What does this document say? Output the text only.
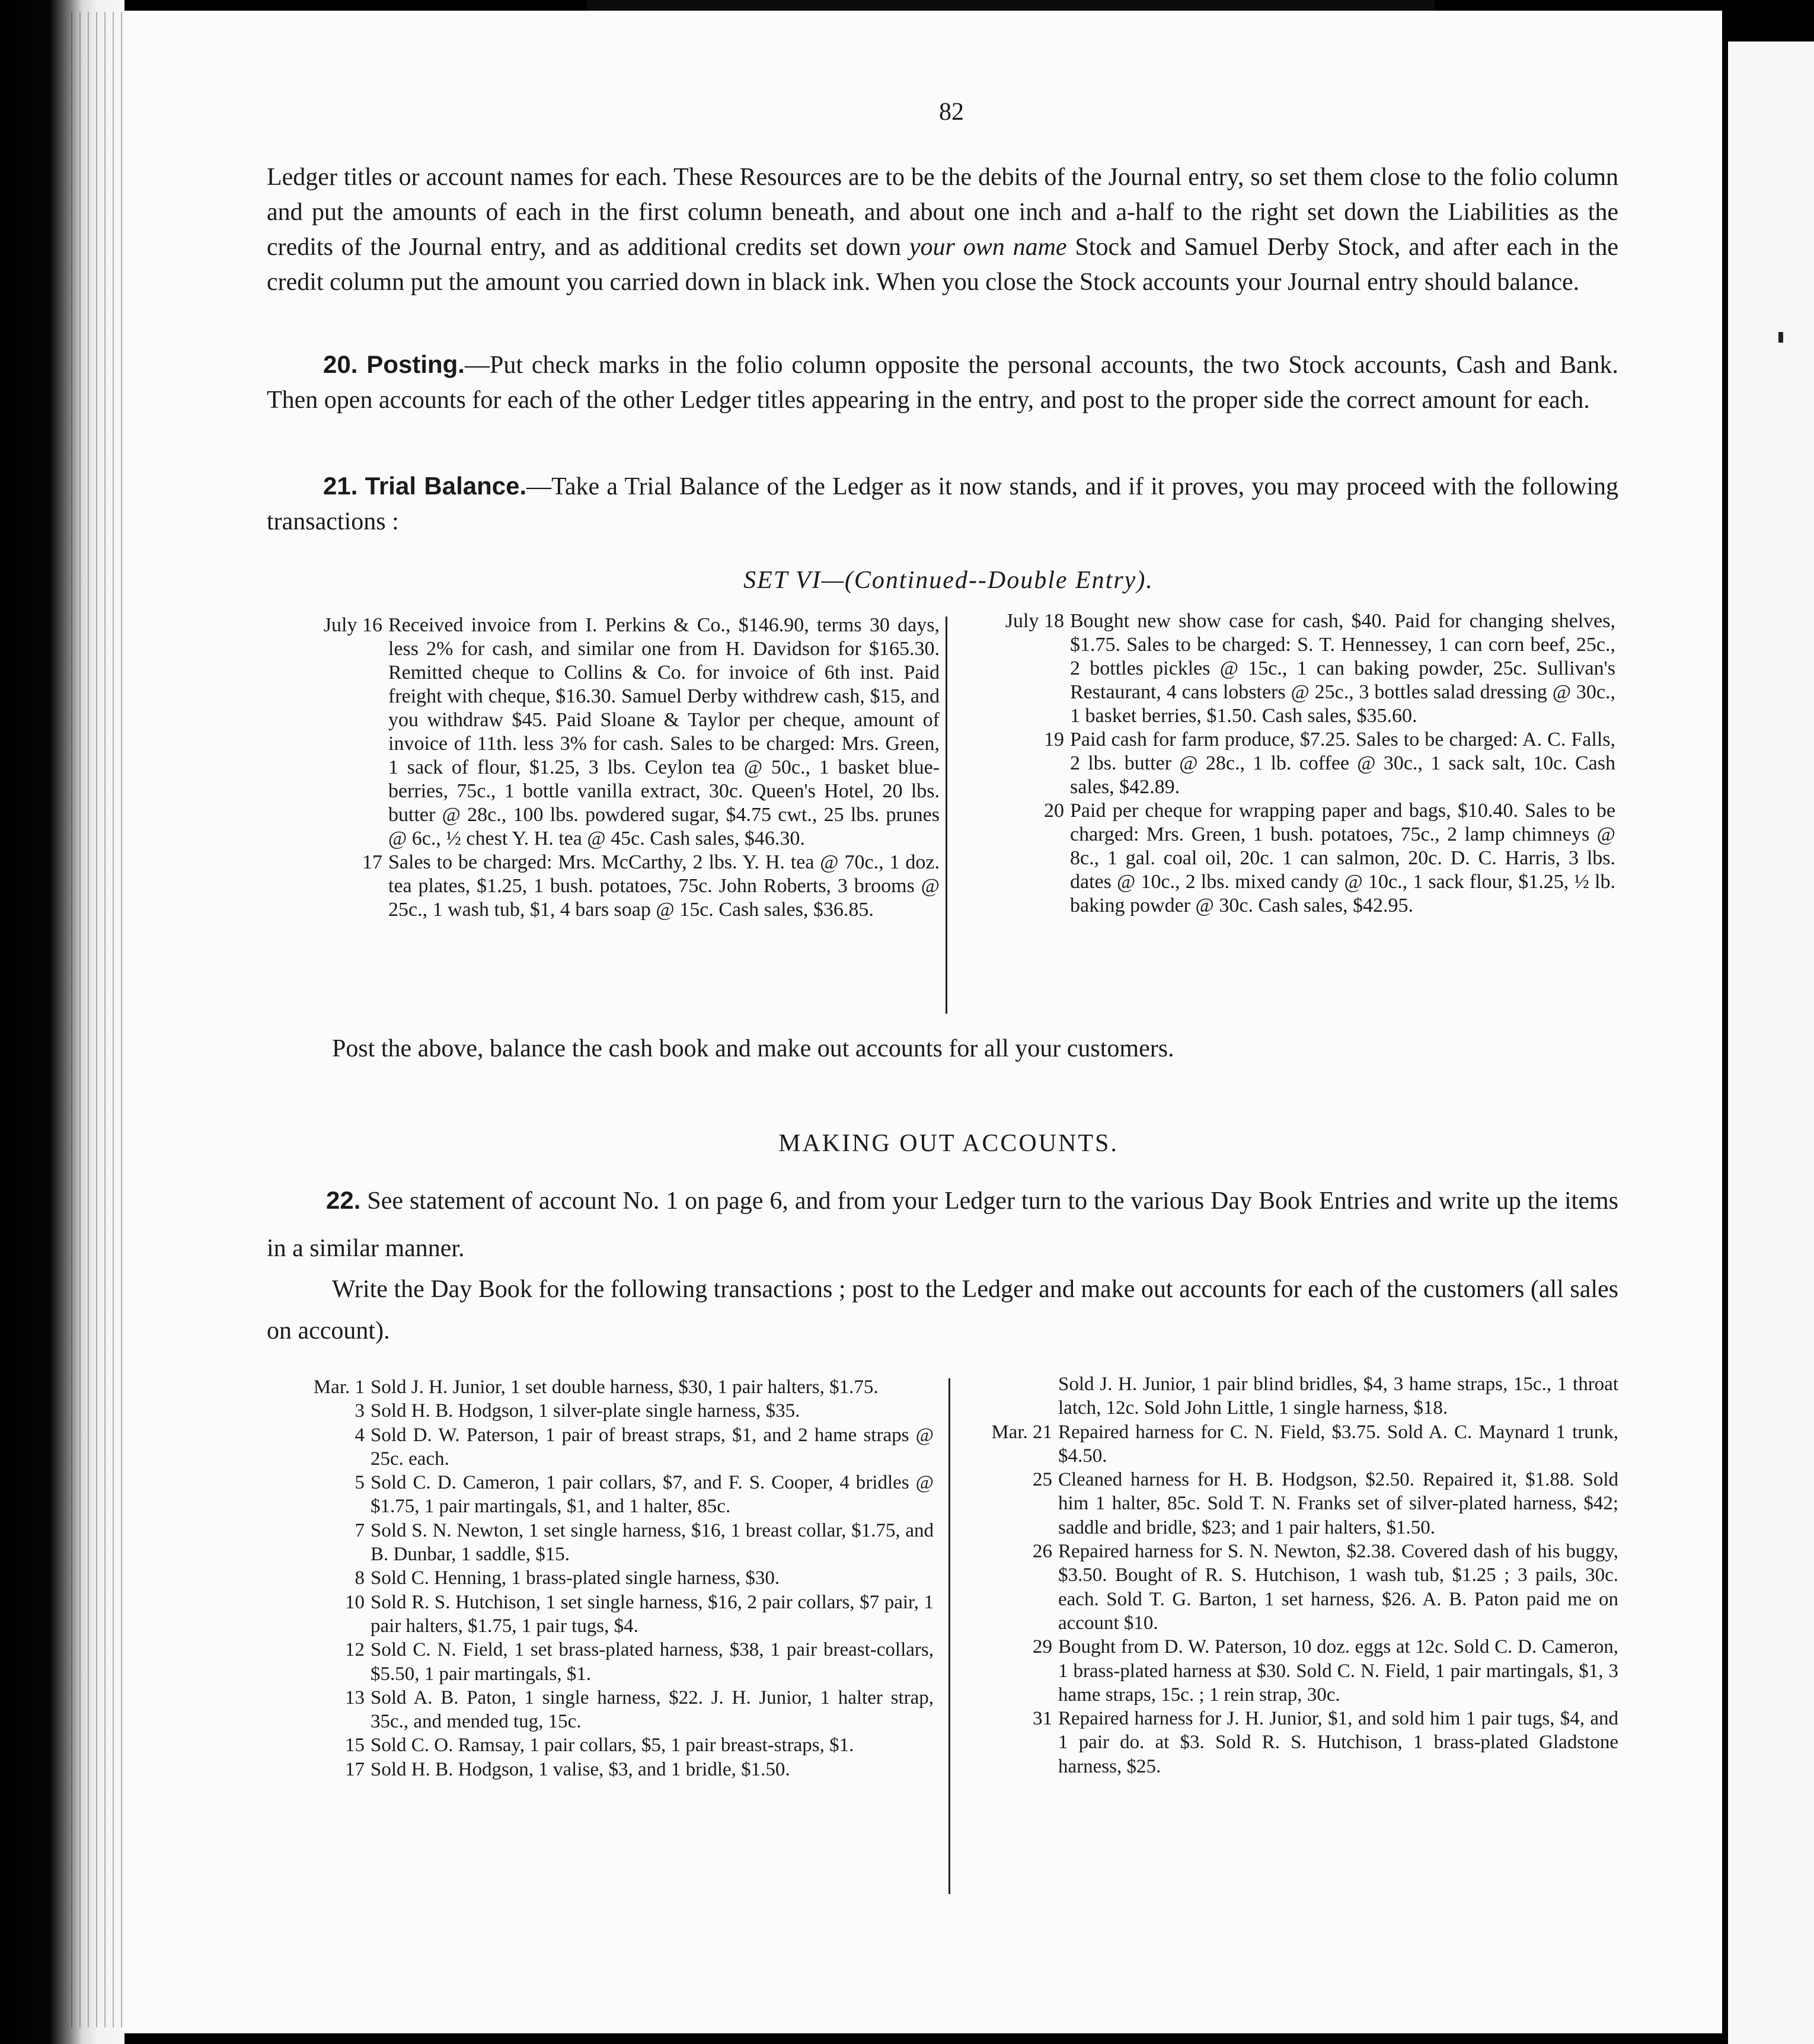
82

Ledger titles or account names for each. These Resources are to be the debits of the Journal entry, so set them close to the folio column and put the amounts of each in the first column beneath, and about one inch and a-half to the right set down the Liabilities as the credits of the Journal entry, and as additional credits set down your own name Stock and Samuel Derby Stock, and after each in the credit column put the amount you carried down in black ink. When you close the Stock accounts your Journal entry should balance.

20. Posting.—Put check marks in the folio column opposite the personal accounts, the two Stock accounts, Cash and Bank. Then open accounts for each of the other Ledger titles appearing in the entry, and post to the proper side the correct amount for each.

21. Trial Balance.—Take a Trial Balance of the Ledger as it now stands, and if it proves, you may proceed with the following transactions :

SET VI—(Continued--Double Entry).

July 16 Received invoice from I. Perkins & Co., $146.90, terms 30 days, less 2% for cash, and similar one from H. Davidson for $165.30. Remitted cheque to Collins & Co. for invoice of 6th inst. Paid freight with cheque, $16.30. Samuel Derby withdrew cash, $15, and you withdraw $45. Paid Sloane & Taylor per cheque, amount of invoice of 11th. less 3% for cash. Sales to be charged: Mrs. Green, 1 sack of flour, $1.25, 3 lbs. Ceylon tea @ 50c., 1 basket blue-berries, 75c., 1 bottle vanilla extract, 30c. Queen's Hotel, 20 lbs. butter @ 28c., 100 lbs. powdered sugar, $4.75 cwt., 25 lbs. prunes @ 6c., ½ chest Y. H. tea @ 45c. Cash sales, $46.30.
17 Sales to be charged: Mrs. McCarthy, 2 lbs. Y. H. tea @ 70c., 1 doz. tea plates, $1.25, 1 bush. potatoes, 75c. John Roberts, 3 brooms @ 25c., 1 wash tub, $1, 4 bars soap @ 15c. Cash sales, $36.85.
July 18 Bought new show case for cash, $40. Paid for changing shelves, $1.75. Sales to be charged: S. T. Hennessey, 1 can corn beef, 25c., 2 bottles pickles @ 15c., 1 can baking powder, 25c. Sullivan's Restaurant, 4 cans lobsters @ 25c., 3 bottles salad dressing @ 30c., 1 basket berries, $1.50. Cash sales, $35.60.
19 Paid cash for farm produce, $7.25. Sales to be charged: A. C. Falls, 2 lbs. butter @ 28c., 1 lb. coffee @ 30c., 1 sack salt, 10c. Cash sales, $42.89.
20 Paid per cheque for wrapping paper and bags, $10.40. Sales to be charged: Mrs. Green, 1 bush. potatoes, 75c., 2 lamp chimneys @ 8c., 1 gal. coal oil, 20c. 1 can salmon, 20c. D. C. Harris, 3 lbs. dates @ 10c., 2 lbs. mixed candy @ 10c., 1 sack flour, $1.25, ½ lb. baking powder @ 30c. Cash sales, $42.95.

Post the above, balance the cash book and make out accounts for all your customers.

MAKING OUT ACCOUNTS.

22. See statement of account No. 1 on page 6, and from your Ledger turn to the various Day Book Entries and write up the items in a similar manner.

Write the Day Book for the following transactions ; post to the Ledger and make out accounts for each of the customers (all sales on account).

Mar. 1 Sold J. H. Junior, 1 set double harness, $30, 1 pair halters, $1.75.
3 Sold H. B. Hodgson, 1 silver-plate single harness, $35.
4 Sold D. W. Paterson, 1 pair of breast straps, $1, and 2 hame straps @ 25c. each.
5 Sold C. D. Cameron, 1 pair collars, $7, and F. S. Cooper, 4 bridles @ $1.75, 1 pair martingals, $1, and 1 halter, 85c.
7 Sold S. N. Newton, 1 set single harness, $16, 1 breast collar, $1.75, and B. Dunbar, 1 saddle, $15.
8 Sold C. Henning, 1 brass-plated single harness, $30.
10 Sold R. S. Hutchison, 1 set single harness, $16, 2 pair collars, $7 pair, 1 pair halters, $1.75, 1 pair tugs, $4.
12 Sold C. N. Field, 1 set brass-plated harness, $38, 1 pair breast-collars, $5.50, 1 pair martingals, $1.
13 Sold A. B. Paton, 1 single harness, $22. J. H. Junior, 1 halter strap, 35c., and mended tug, 15c.
15 Sold C. O. Ramsay, 1 pair collars, $5, 1 pair breast-straps, $1.
17 Sold H. B. Hodgson, 1 valise, $3, and 1 bridle, $1.50.
Sold J. H. Junior, 1 pair blind bridles, $4, 3 hame straps, 15c., 1 throat latch, 12c. Sold John Little, 1 single harness, $18.
Mar. 21 Repaired harness for C. N. Field, $3.75. Sold A. C. Maynard 1 trunk, $4.50.
25 Cleaned harness for H. B. Hodgson, $2.50. Repaired it, $1.88. Sold him 1 halter, 85c. Sold T. N. Franks set of silver-plated harness, $42; saddle and bridle, $23; and 1 pair halters, $1.50.
26 Repaired harness for S. N. Newton, $2.38. Covered dash of his buggy, $3.50. Bought of R. S. Hutchison, 1 wash tub, $1.25 ; 3 pails, 30c. each. Sold T. G. Barton, 1 set harness, $26. A. B. Paton paid me on account $10.
29 Bought from D. W. Paterson, 10 doz. eggs at 12c. Sold C. D. Cameron, 1 brass-plated harness at $30. Sold C. N. Field, 1 pair martingals, $1, 3 hame straps, 15c. ; 1 rein strap, 30c.
31 Repaired harness for J. H. Junior, $1, and sold him 1 pair tugs, $4, and 1 pair do. at $3. Sold R. S. Hutchison, 1 brass-plated Gladstone harness, $25.
